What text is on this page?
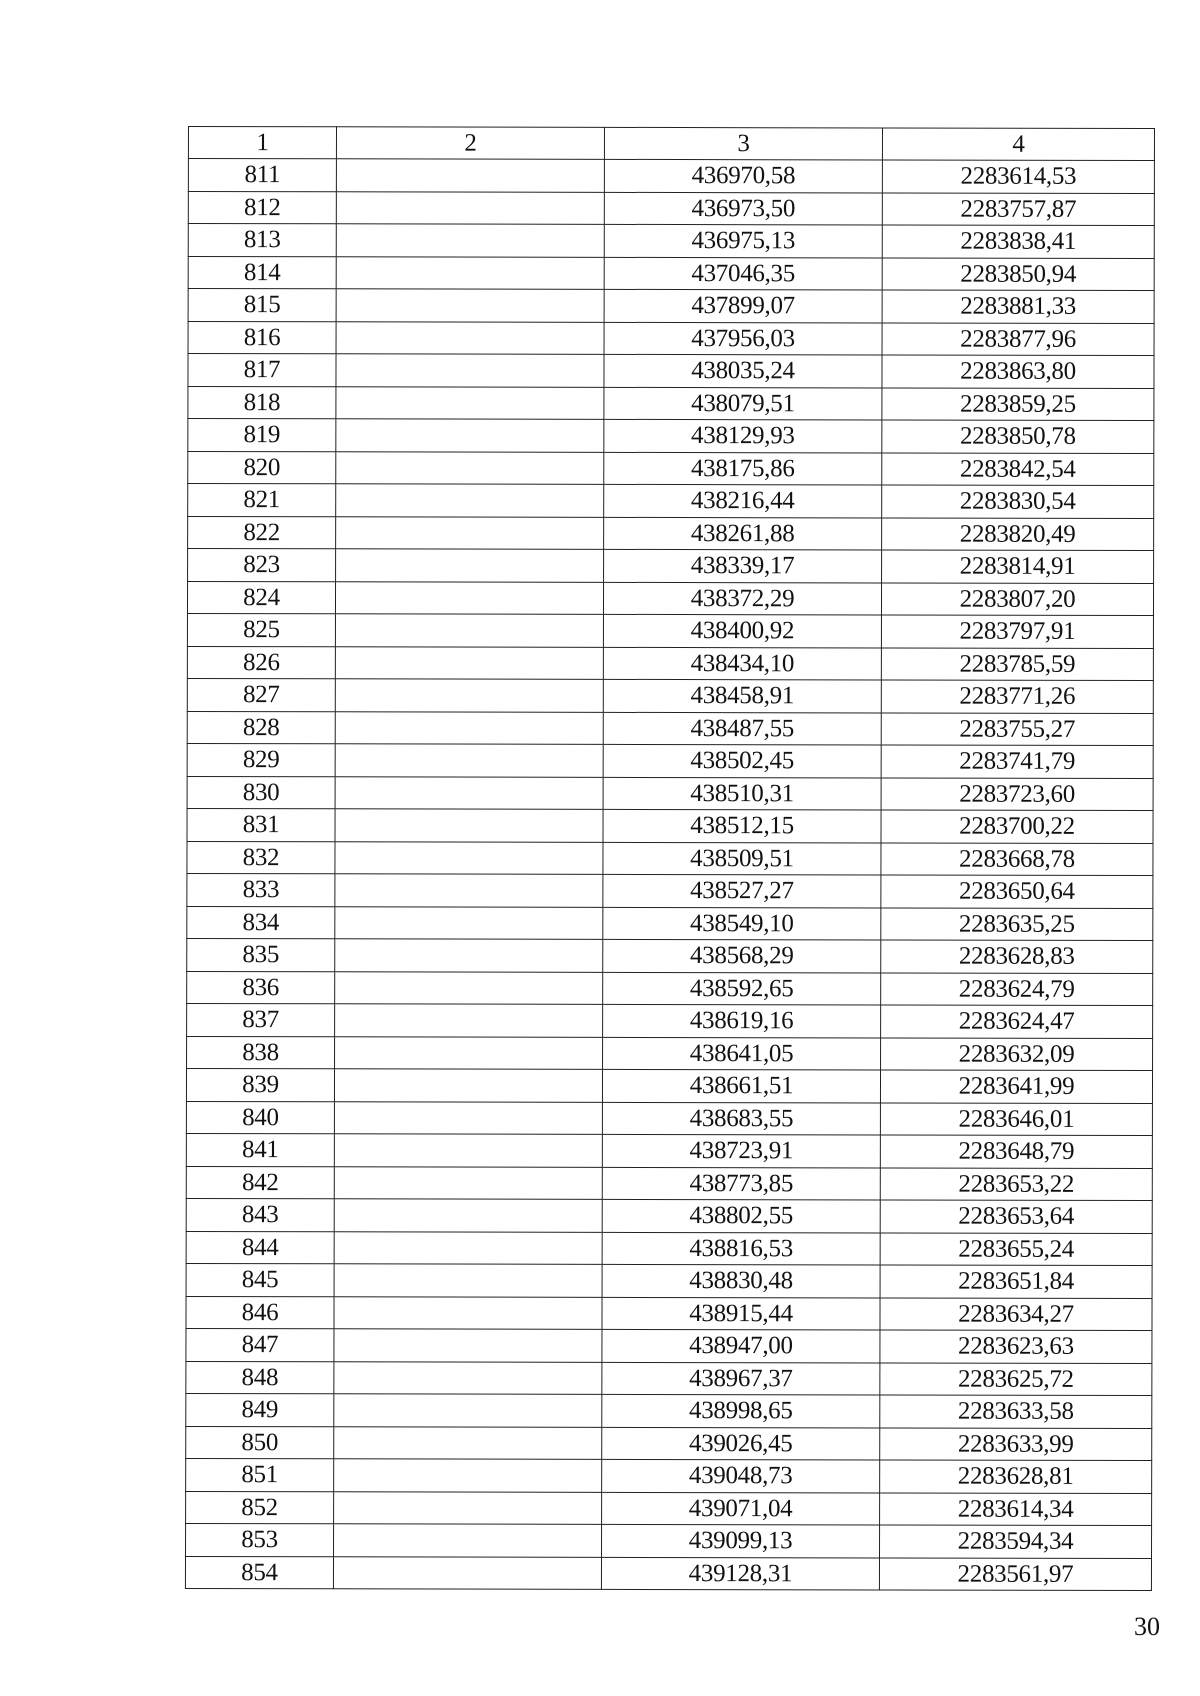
1	2	3	4
811		436970,58	2283614,53
812		436973,50	2283757,87
813		436975,13	2283838,41
814		437046,35	2283850,94
815		437899,07	2283881,33
816		437956,03	2283877,96
817		438035,24	2283863,80
818		438079,51	2283859,25
819		438129,93	2283850,78
820		438175,86	2283842,54
821		438216,44	2283830,54
822		438261,88	2283820,49
823		438339,17	2283814,91
824		438372,29	2283807,20
825		438400,92	2283797,91
826		438434,10	2283785,59
827		438458,91	2283771,26
828		438487,55	2283755,27
829		438502,45	2283741,79
830		438510,31	2283723,60
831		438512,15	2283700,22
832		438509,51	2283668,78
833		438527,27	2283650,64
834		438549,10	2283635,25
835		438568,29	2283628,83
836		438592,65	2283624,79
837		438619,16	2283624,47
838		438641,05	2283632,09
839		438661,51	2283641,99
840		438683,55	2283646,01
841		438723,91	2283648,79
842		438773,85	2283653,22
843		438802,55	2283653,64
844		438816,53	2283655,24
845		438830,48	2283651,84
846		438915,44	2283634,27
847		438947,00	2283623,63
848		438967,37	2283625,72
849		438998,65	2283633,58
850		439026,45	2283633,99
851		439048,73	2283628,81
852		439071,04	2283614,34
853		439099,13	2283594,34
854		439128,31	2283561,97
30
